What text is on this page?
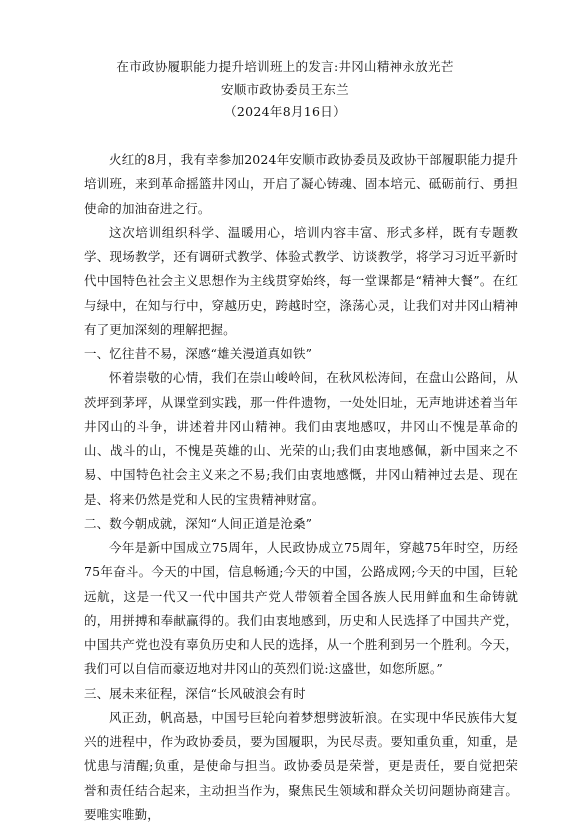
在市政协履职能力提升培训班上的发言:井冈山精神永放光芒
安顺市政协委员王东兰
（2024年8月16日）

火红的8月，我有幸参加2024年安顺市政协委员及政协干部履职能力提升培训班，来到革命摇篮井冈山，开启了凝心铸魂、固本培元、砥砺前行、勇担使命的加油奋进之行。

这次培训组织科学、温暖用心，培训内容丰富、形式多样，既有专题教学、现场教学，还有调研式教学、体验式教学、访谈教学，将学习习近平新时代中国特色社会主义思想作为主线贯穿始终，每一堂课都是“精神大餐”。在红与绿中，在知与行中，穿越历史，跨越时空，涤荡心灵，让我们对井冈山精神有了更加深刻的理解把握。

一、忆往昔不易，深感“雄关漫道真如铁”

怀着崇敬的心情，我们在崇山峻岭间，在秋风松涛间，在盘山公路间，从茨坪到茅坪，从课堂到实践，那一件件遗物，一处处旧址，无声地讲述着当年井冈山的斗争，讲述着井冈山精神。我们由衷地感叹，井冈山不愧是革命的山、战斗的山，不愧是英雄的山、光荣的山;我们由衷地感佩，新中国来之不易、中国特色社会主义来之不易;我们由衷地感慨，井冈山精神过去是、现在是、将来仍然是党和人民的宝贵精神财富。

二、数今朝成就，深知“人间正道是沧桑”

今年是新中国成立75周年，人民政协成立75周年，穿越75年时空，历经75年奋斗。今天的中国，信息畅通;今天的中国，公路成网;今天的中国，巨轮远航，这是一代又一代中国共产党人带领着全国各族人民用鲜血和生命铸就的，用拼搏和奉献赢得的。我们由衷地感到，历史和人民选择了中国共产党，中国共产党也没有辜负历史和人民的选择，从一个胜利到另一个胜利。今天，我们可以自信而豪迈地对井冈山的英烈们说:这盛世，如您所愿。”

三、展未来征程，深信“长风破浪会有时

风正劲，帆高悬，中国号巨轮向着梦想劈波斩浪。在实现中华民族伟大复兴的进程中，作为政协委员，要为国履职，为民尽责。要知重负重，知重，是忧患与清醒;负重，是使命与担当。政协委员是荣誉，更是责任，要自觉把荣誉和责任结合起来，主动担当作为，聚焦民生领域和群众关切问题协商建言。要唯实唯勤，
